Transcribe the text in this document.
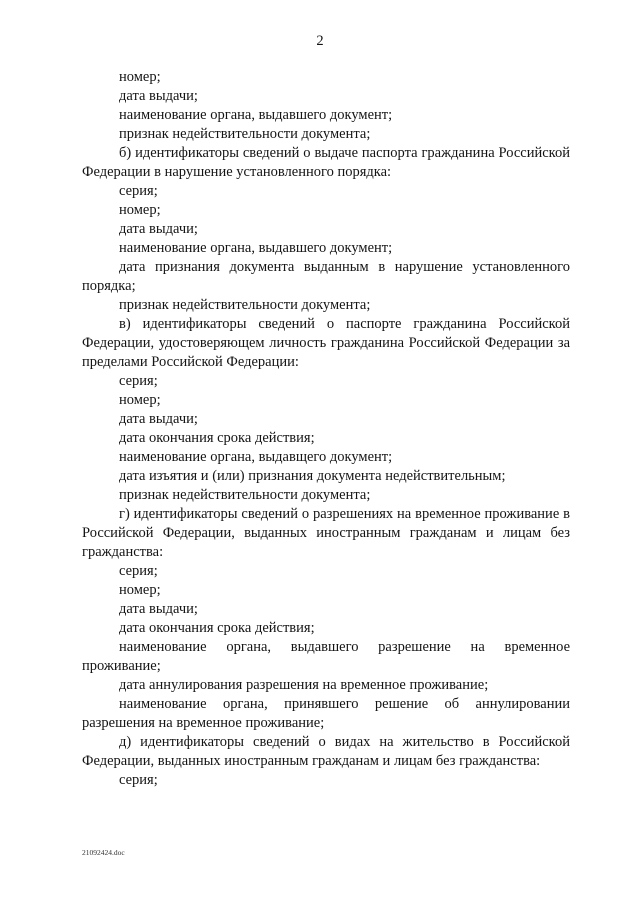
2

номер;

дата выдачи;

наименование органа, выдавшего документ;

признак недействительности документа;

б) идентификаторы сведений о выдаче паспорта гражданина Российской Федерации в нарушение установленного порядка:

серия;

номер;

дата выдачи;

наименование органа, выдавшего документ;

дата признания документа выданным в нарушение установленного порядка;

признак недействительности документа;

в) идентификаторы сведений о паспорте гражданина Российской Федерации, удостоверяющем личность гражданина Российской Федерации за пределами Российской Федерации:

серия;

номер;

дата выдачи;

дата окончания срока действия;

наименование органа, выдавщего документ;

дата изъятия и (или) признания документа недействительным;

признак недействительности документа;

г) идентификаторы сведений о разрешениях на временное проживание в Российской Федерации, выданных иностранным гражданам и лицам без гражданства:

серия;

номер;

дата выдачи;

дата окончания срока действия;

наименование органа, выдавшего разрешение на временное проживание;

дата аннулирования разрешения на временное проживание;

наименование органа, принявшего решение об аннулировании разрешения на временное проживание;

д) идентификаторы сведений о видах на жительство в Российской Федерации, выданных иностранным гражданам и лицам без гражданства:

серия;

21092424.doc
